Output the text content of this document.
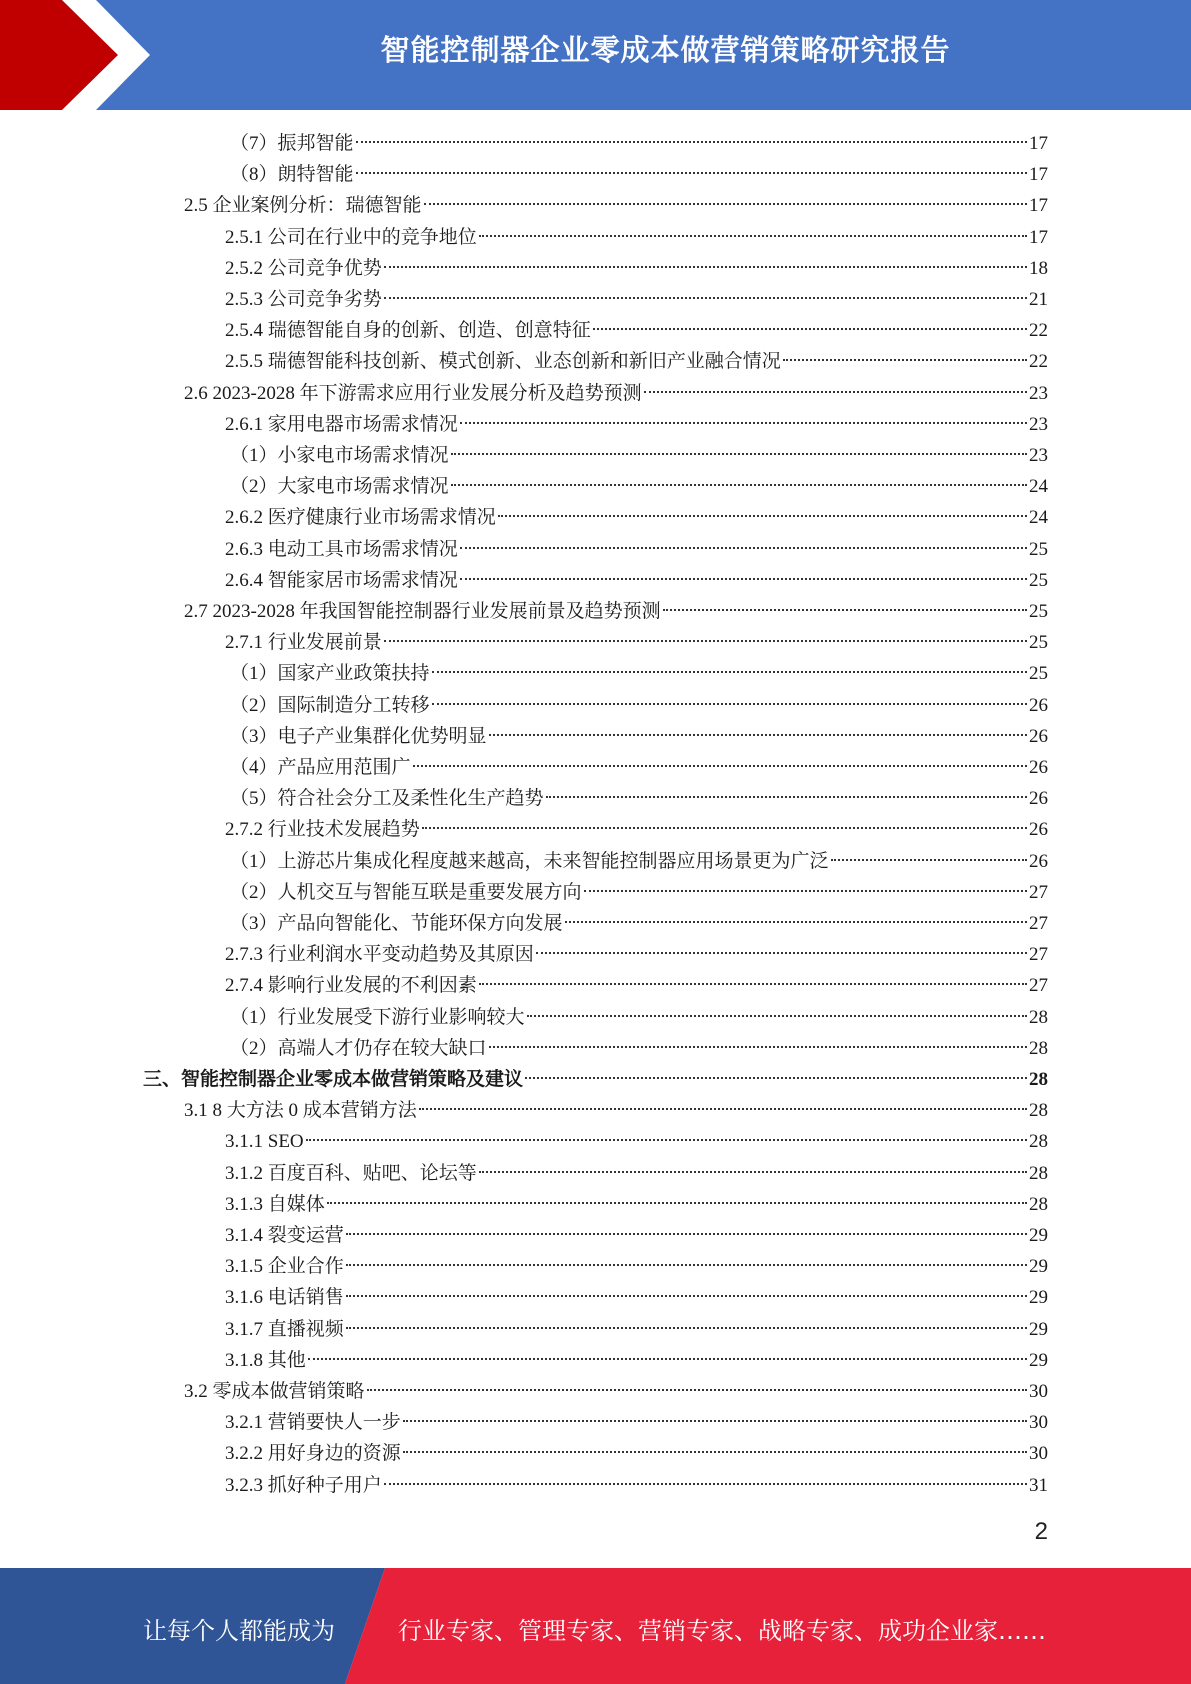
智能控制器企业零成本做营销策略研究报告
（7）振邦智能	17
（8）朗特智能	17
2.5 企业案例分析：瑞德智能	17
2.5.1 公司在行业中的竞争地位	17
2.5.2 公司竞争优势	18
2.5.3 公司竞争劣势	21
2.5.4 瑞德智能自身的创新、创造、创意特征	22
2.5.5 瑞德智能科技创新、模式创新、业态创新和新旧产业融合情况	22
2.6 2023-2028 年下游需求应用行业发展分析及趋势预测	23
2.6.1 家用电器市场需求情况	23
（1）小家电市场需求情况	23
（2）大家电市场需求情况	24
2.6.2 医疗健康行业市场需求情况	24
2.6.3 电动工具市场需求情况	25
2.6.4 智能家居市场需求情况	25
2.7 2023-2028 年我国智能控制器行业发展前景及趋势预测	25
2.7.1 行业发展前景	25
（1）国家产业政策扶持	25
（2）国际制造分工转移	26
（3）电子产业集群化优势明显	26
（4）产品应用范围广	26
（5）符合社会分工及柔性化生产趋势	26
2.7.2 行业技术发展趋势	26
（1）上游芯片集成化程度越来越高，未来智能控制器应用场景更为广泛	26
（2）人机交互与智能互联是重要发展方向	27
（3）产品向智能化、节能环保方向发展	27
2.7.3 行业利润水平变动趋势及其原因	27
2.7.4 影响行业发展的不利因素	27
（1）行业发展受下游行业影响较大	28
（2）高端人才仍存在较大缺口	28
三、智能控制器企业零成本做营销策略及建议	28
3.1 8 大方法 0 成本营销方法	28
3.1.1 SEO	28
3.1.2 百度百科、贴吧、论坛等	28
3.1.3 自媒体	28
3.1.4 裂变运营	29
3.1.5 企业合作	29
3.1.6 电话销售	29
3.1.7 直播视频	29
3.1.8 其他	29
3.2 零成本做营销策略	30
3.2.1 营销要快人一步	30
3.2.2 用好身边的资源	30
3.2.3 抓好种子用户	31
2
让每个人都能成为	行业专家、管理专家、营销专家、战略专家、成功企业家……
